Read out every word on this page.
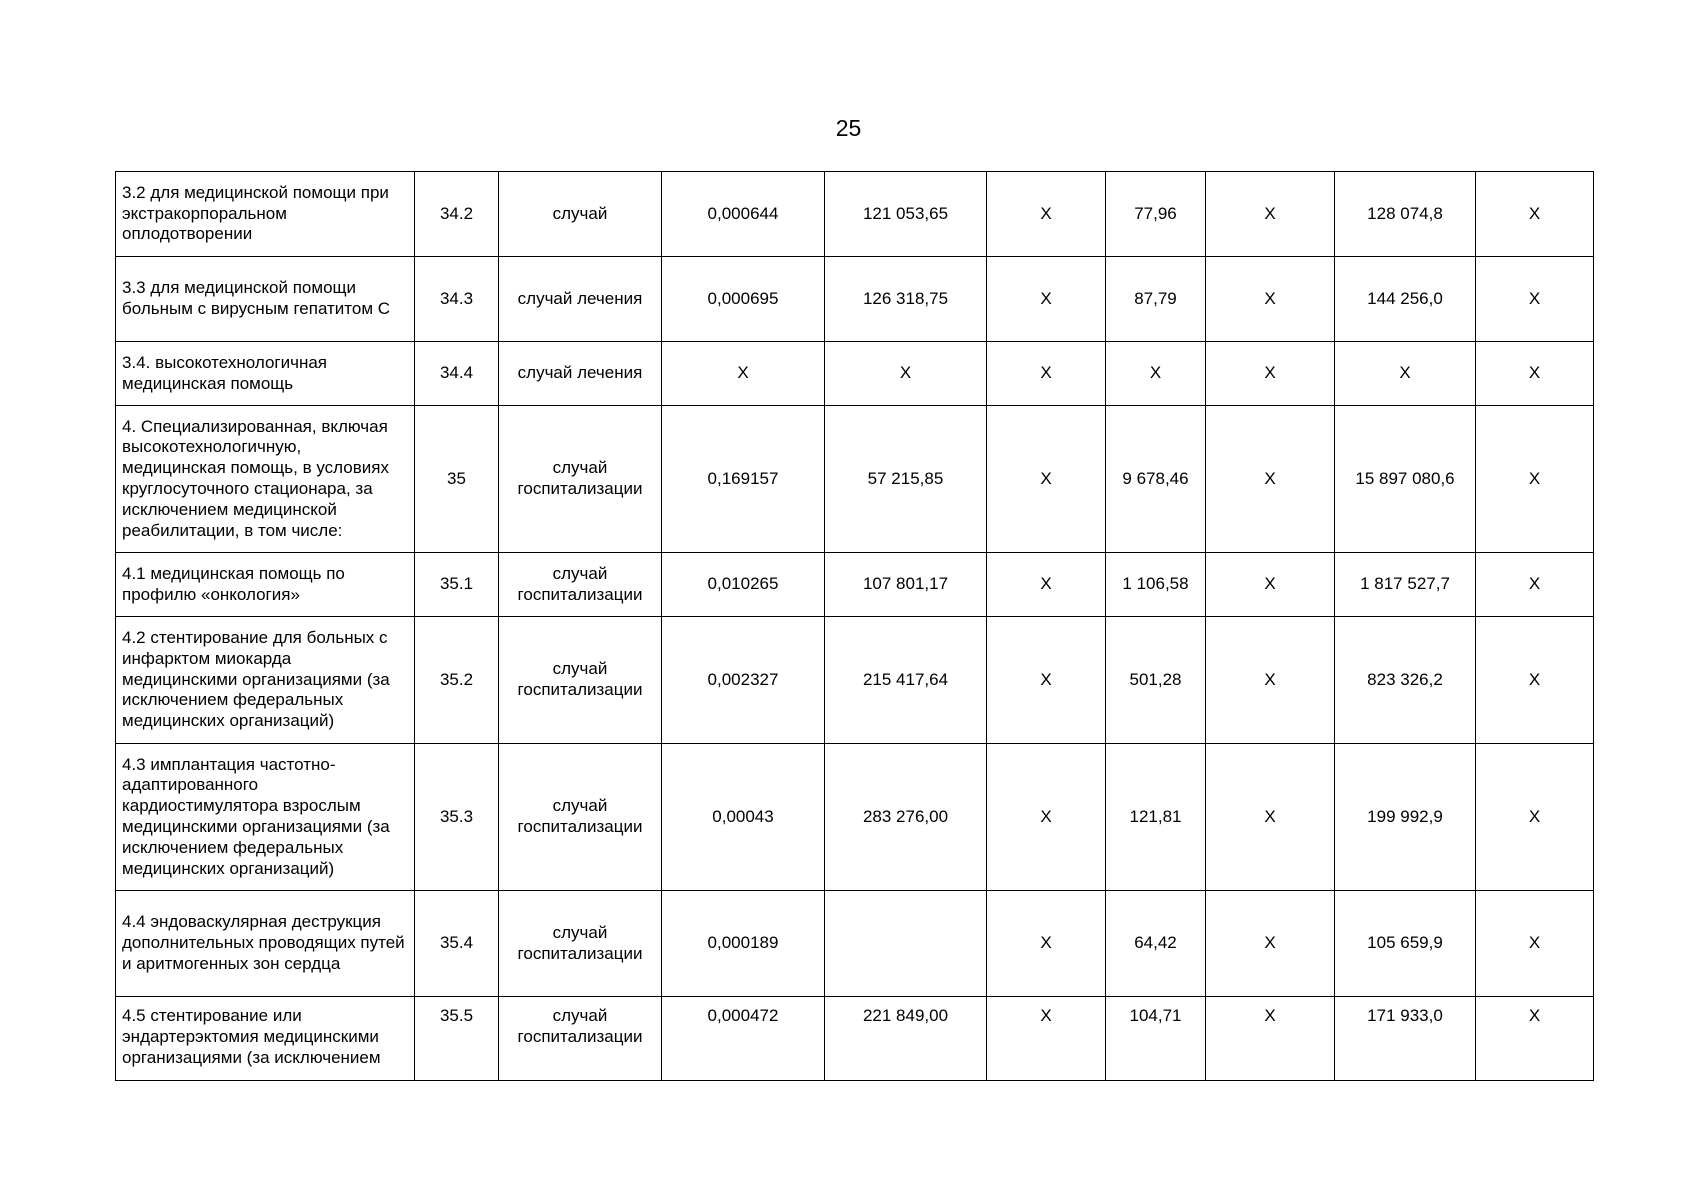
25
3.2 для медицинской помощи при экстракорпоральном оплодотворении	34.2	случай	0,000644	121 053,65	X	77,96	X	128 074,8	X
3.3 для медицинской помощи больным с вирусным гепатитом С	34.3	случай лечения	0,000695	126 318,75	X	87,79	X	144 256,0	X
3.4. высокотехнологичная медицинская помощь	34.4	случай лечения	X	X	X	X	X	X	X
4. Специализированная, включая высокотехнологичную, медицинская помощь, в условиях круглосуточного стационара, за исключением медицинской реабилитации, в том числе:	35	случай госпитализации	0,169157	57 215,85	X	9 678,46	X	15 897 080,6	X
4.1 медицинская помощь по профилю «онкология»	35.1	случай госпитализации	0,010265	107 801,17	X	1 106,58	X	1 817 527,7	X
4.2 стентирование для больных с инфарктом миокарда медицинскими организациями (за исключением федеральных медицинских организаций)	35.2	случай госпитализации	0,002327	215 417,64	X	501,28	X	823 326,2	X
4.3 имплантация частотно-адаптированного кардиостимулятора взрослым медицинскими организациями (за исключением федеральных медицинских организаций)	35.3	случай госпитализации	0,00043	283 276,00	X	121,81	X	199 992,9	X
4.4 эндоваскулярная деструкция дополнительных проводящих путей и аритмогенных зон сердца	35.4	случай госпитализации	0,000189		X	64,42	X	105 659,9	X
4.5 стентирование или эндартерэктомия медицинскими организациями (за исключением	35.5	случай госпитализации	0,000472	221 849,00	X	104,71	X	171 933,0	X
